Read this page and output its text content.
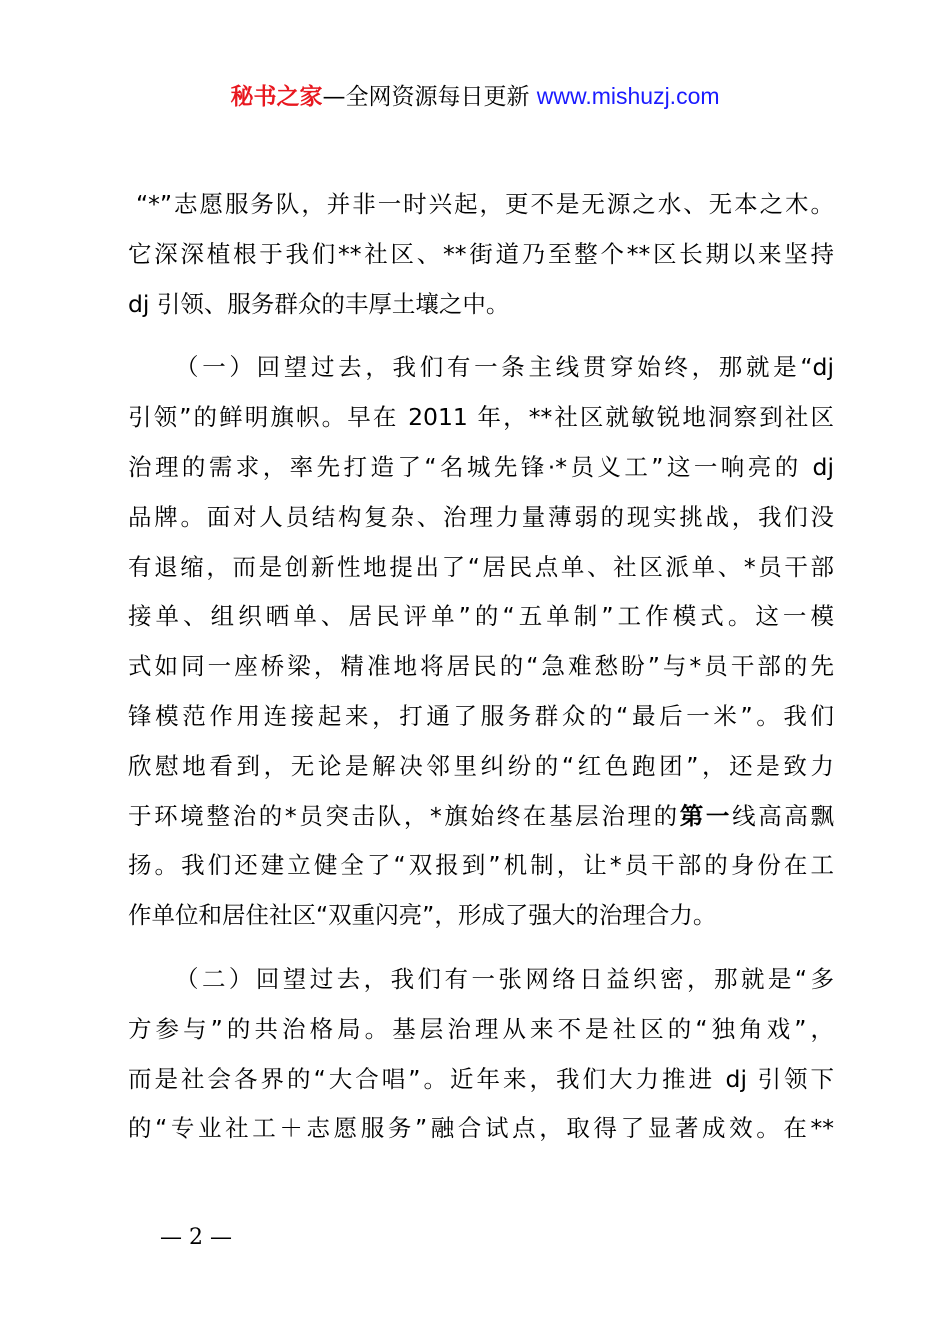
秘书之家—全网资源每日更新 www.mishuzj.com
“*”志愿服务队，并非一时兴起，更不是无源之水、无本之木。
它深深植根于我们**社区、**街道乃至整个**区长期以来坚持
dj 引领、服务群众的丰厚土壤之中。
（一）回望过去，我们有一条主线贯穿始终，那就是“dj
引领”的鲜明旗帜。早在 2011 年，**社区就敏锐地洞察到社区
治理的需求，率先打造了“名城先锋·*员义工”这一响亮的 dj
品牌。面对人员结构复杂、治理力量薄弱的现实挑战，我们没
有退缩，而是创新性地提出了“居民点单、社区派单、*员干部
接单、组织晒单、居民评单”的“五单制”工作模式。这一模
式如同一座桥梁，精准地将居民的“急难愁盼”与*员干部的先
锋模范作用连接起来，打通了服务群众的“最后一米”。我们
欣慰地看到，无论是解决邻里纠纷的“红色跑团”，还是致力
于环境整治的*员突击队，*旗始终在基层治理的第一线高高飘
扬。我们还建立健全了“双报到”机制，让*员干部的身份在工
作单位和居住社区“双重闪亮”，形成了强大的治理合力。
（二）回望过去，我们有一张网络日益织密，那就是“多
方参与”的共治格局。基层治理从来不是社区的“独角戏”，
而是社会各界的“大合唱”。近年来，我们大力推进 dj 引领下
的“专业社工＋志愿服务”融合试点，取得了显著成效。在**
— 2 —
